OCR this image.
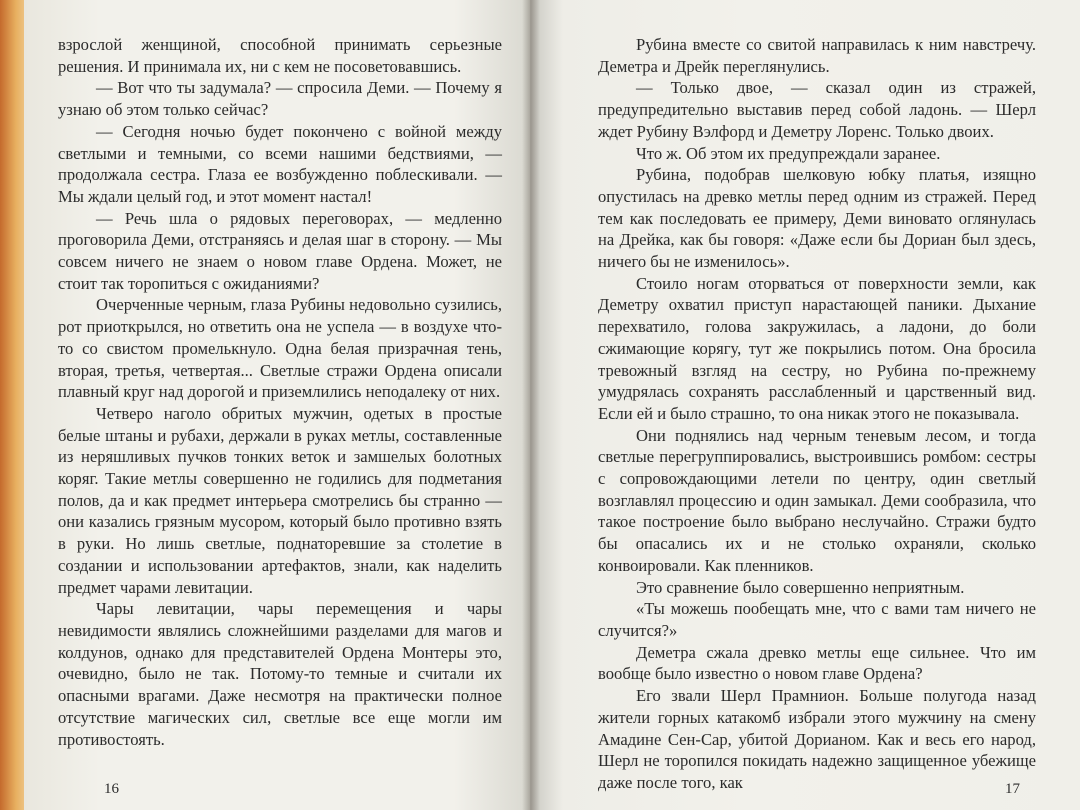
взрослой женщиной, способной принимать серьезные решения. И принимала их, ни с кем не посоветовавшись.

— Вот что ты задумала? — спросила Деми. — Почему я узнаю об этом только сейчас?

— Сегодня ночью будет покончено с войной между светлыми и темными, со всеми нашими бедствиями, — продолжала сестра. Глаза ее возбужденно поблескивали. — Мы ждали целый год, и этот момент настал!

— Речь шла о рядовых переговорах, — медленно проговорила Деми, отстраняясь и делая шаг в сторону. — Мы совсем ничего не знаем о новом главе Ордена. Может, не стоит так торопиться с ожиданиями?

Очерченные черным, глаза Рубины недовольно сузились, рот приоткрылся, но ответить она не успела — в воздухе что-то со свистом промелькнуло. Одна белая призрачная тень, вторая, третья, четвертая... Светлые стражи Ордена описали плавный круг над дорогой и приземлились неподалеку от них.

Четверо наголо обритых мужчин, одетых в простые белые штаны и рубахи, держали в руках метлы, составленные из неряшливых пучков тонких веток и замшелых болотных коряг. Такие метлы совершенно не годились для подметания полов, да и как предмет интерьера смотрелись бы странно — они казались грязным мусором, который было противно взять в руки. Но лишь светлые, поднаторевшие за столетие в создании и использовании артефактов, знали, как наделить предмет чарами левитации.

Чары левитации, чары перемещения и чары невидимости являлись сложнейшими разделами для магов и колдунов, однако для представителей Ордена Монтеры это, очевидно, было не так. Потому-то темные и считали их опасными врагами. Даже несмотря на практически полное отсутствие магических сил, светлые все еще могли им противостоять.

16

Рубина вместе со свитой направилась к ним навстречу. Деметра и Дрейк переглянулись.

— Только двое, — сказал один из стражей, предупредительно выставив перед собой ладонь. — Шерл ждет Рубину Вэлфорд и Деметру Лоренс. Только двоих.

Что ж. Об этом их предупреждали заранее.

Рубина, подобрав шелковую юбку платья, изящно опустилась на древко метлы перед одним из стражей. Перед тем как последовать ее примеру, Деми виновато оглянулась на Дрейка, как бы говоря: «Даже если бы Дориан был здесь, ничего бы не изменилось».

Стоило ногам оторваться от поверхности земли, как Деметру охватил приступ нарастающей паники. Дыхание перехватило, голова закружилась, а ладони, до боли сжимающие корягу, тут же покрылись потом. Она бросила тревожный взгляд на сестру, но Рубина по-прежнему умудрялась сохранять расслабленный и царственный вид. Если ей и было страшно, то она никак этого не показывала.

Они поднялись над черным теневым лесом, и тогда светлые перегруппировались, выстроившись ромбом: сестры с сопровождающими летели по центру, один светлый возглавлял процессию и один замыкал. Деми сообразила, что такое построение было выбрано неслучайно. Стражи будто бы опасались их и не столько охраняли, сколько конвоировали. Как пленников.

Это сравнение было совершенно неприятным.

«Ты можешь пообещать мне, что с вами там ничего не случится?»

Деметра сжала древко метлы еще сильнее. Что им вообще было известно о новом главе Ордена?

Его звали Шерл Прамнион. Больше полугода назад жители горных катакомб избрали этого мужчину на смену Амадине Сен-Сар, убитой Дорианом. Как и весь его народ, Шерл не торопился покидать надежно защищенное убежище даже после того, как	17
